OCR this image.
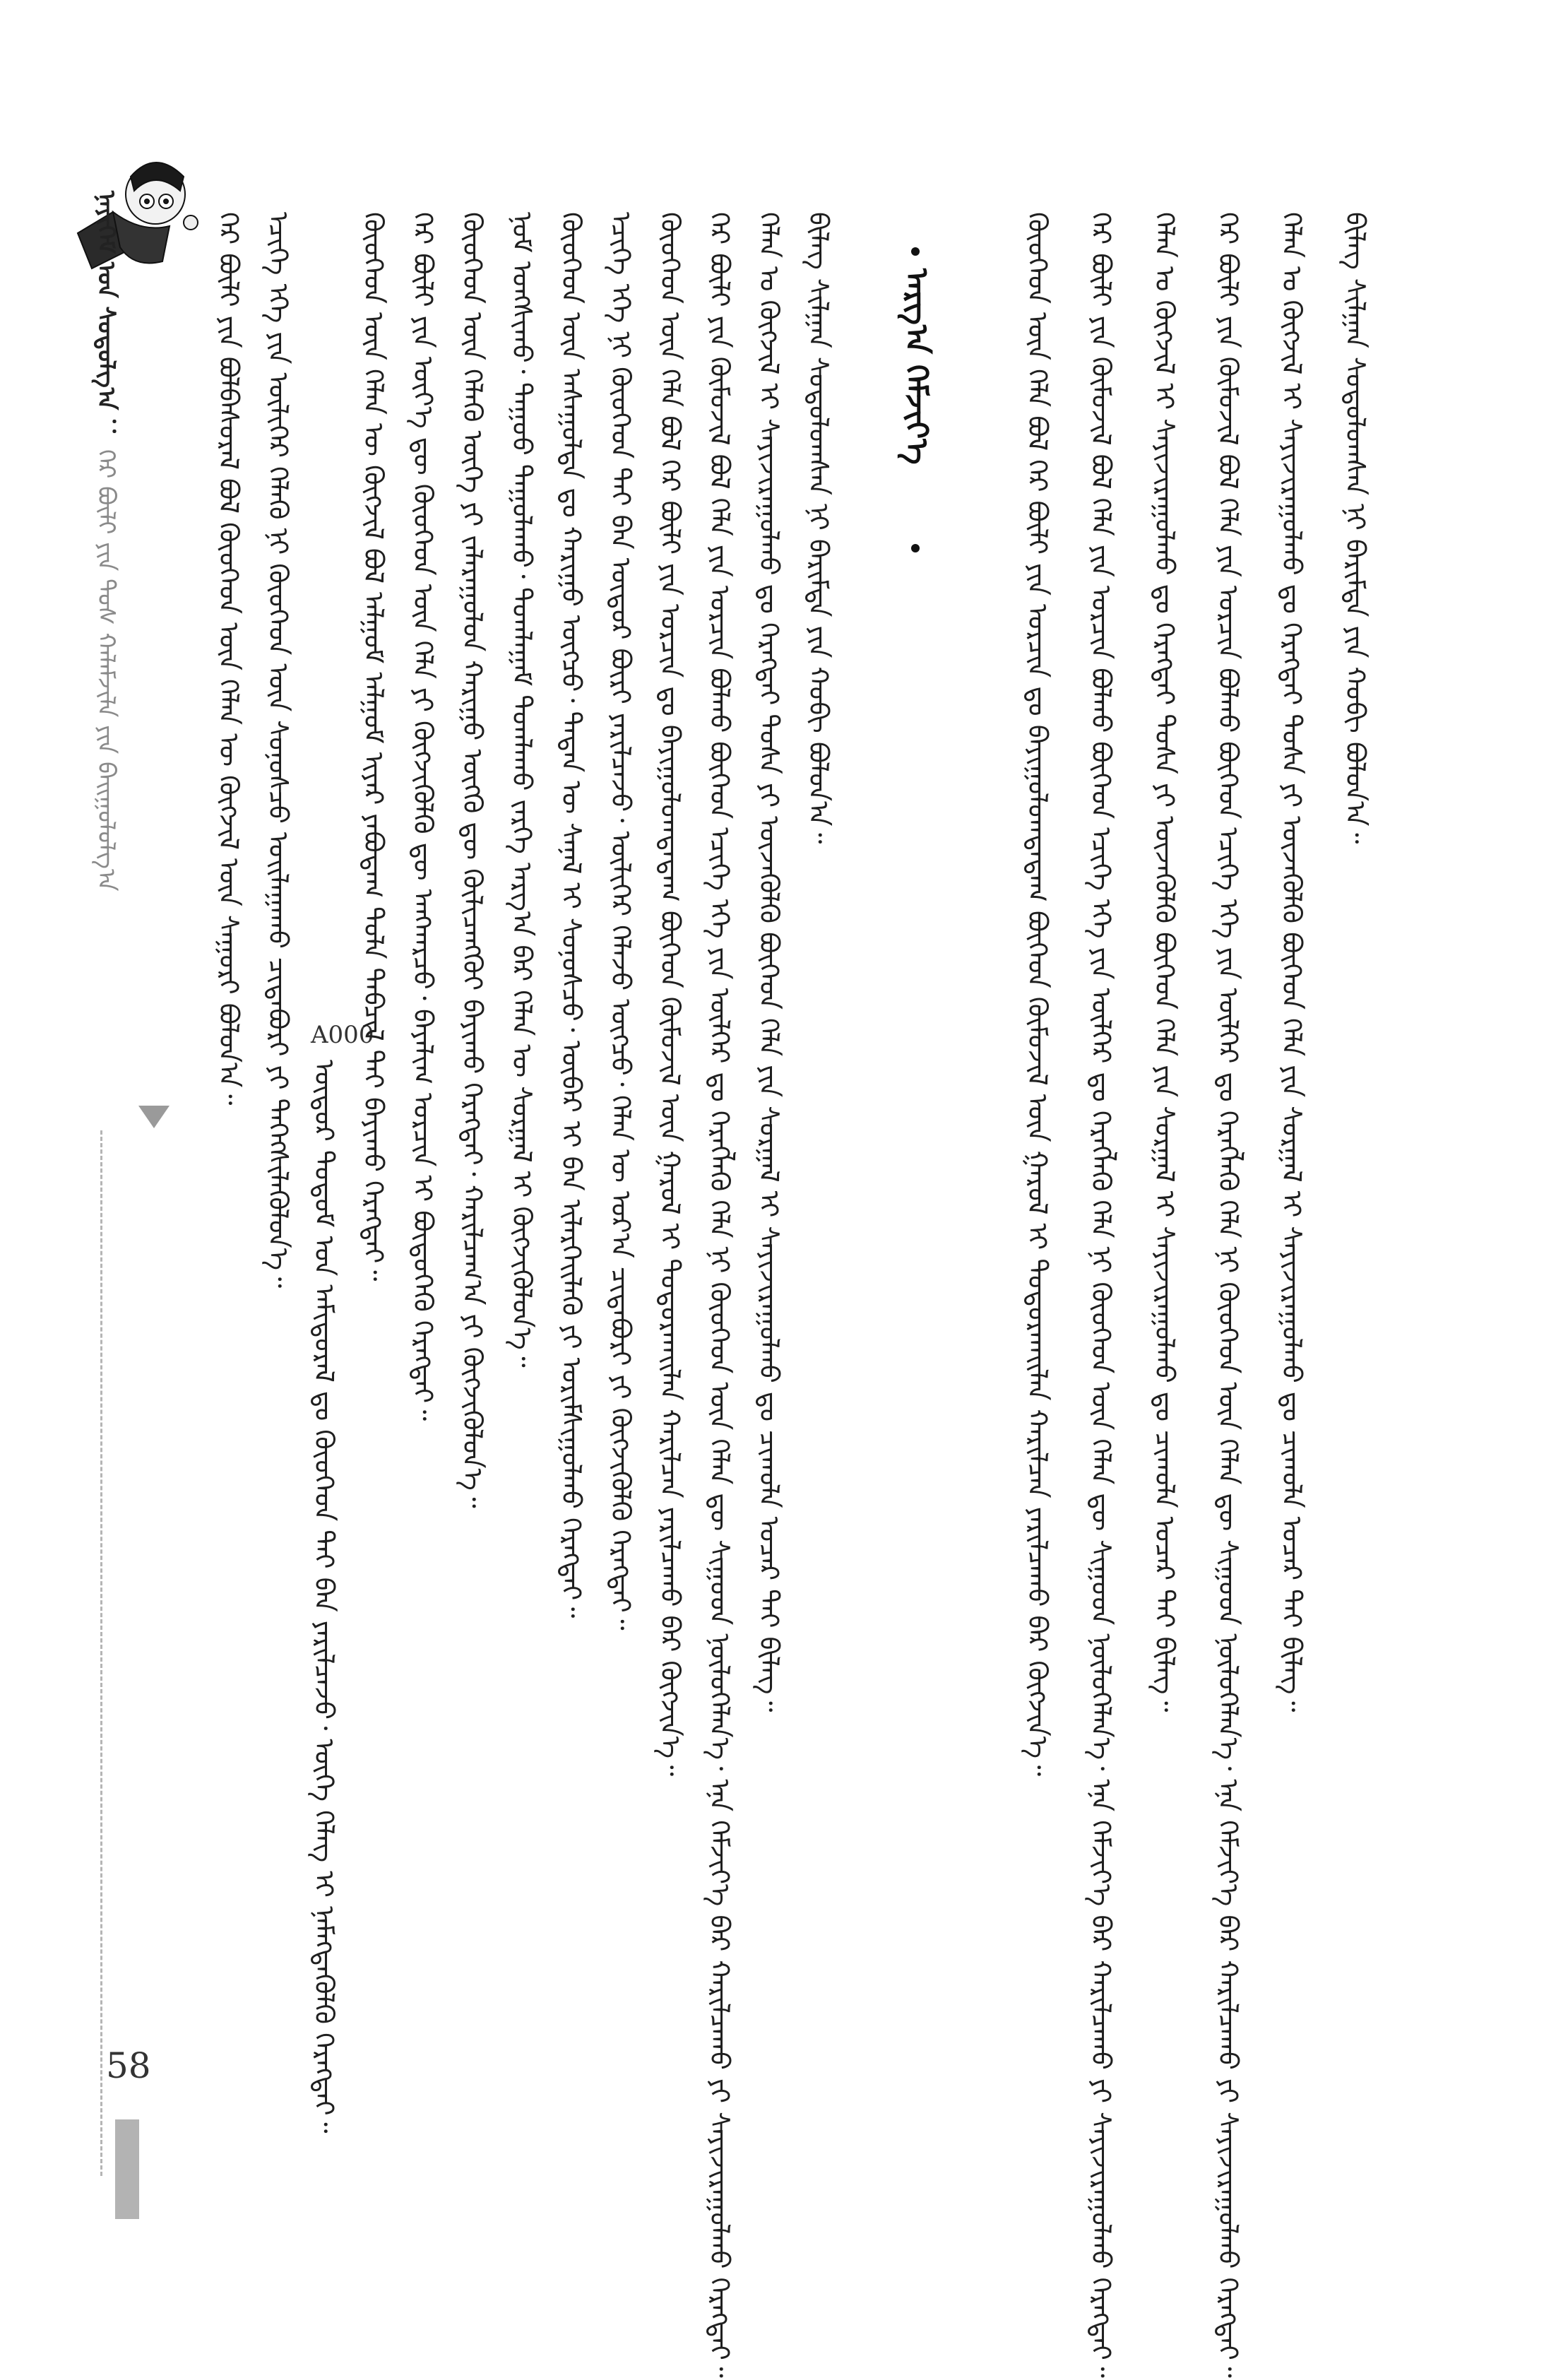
ᠨᠡᠶᠢᠭᠡᠮ ᠤᠨ ᠰᠤᠳᠤᠯᠭ᠎ᠠ ： ᠭᠡᠷ ᠪᠦᠯᠢ ᠶᠢᠨ ᠲᠤᠰ ᠬᠠᠯᠠᠮᠵᠢᠯᠠ ᠶᠢᠨ ᠪᠠᠢᠭᠤᠯᠤᠯᠭ᠎ᠠ	ᠭᠡᠷ ᠪᠦᠯᠢ ᠶᠢᠨ ᠪᠣᠯᠪᠠᠰᠤᠷᠠᠯ ᠪᠣᠯ ᠬᠦᠦᠬᠡᠳ ᠦᠨ ᠬᠡᠯᠡᠨ ᠦ ᠬᠥᠭᠵᠢᠯ ᠦᠨ ᠰᠠᠭᠤᠷᠢ ᠪᠣᠯᠤᠨ᠎ᠠ᠃ ᠡᠴᠢᠭᠡ ᠡᠬᠡ ᠶᠢᠨ ᠦᠯᠢᠭᠡᠷ ᠬᠡᠯᠡᠬᠦ ᠨᠢ ᠬᠦᠦᠬᠡᠳ ᠦᠨ ᠰᠣᠨᠣᠰᠴᠤ ᠣᠢᠯᠠᠭᠠᠬᠤ ᠴᠢᠳᠠᠪᠤᠷᠢ ᠶᠢ ᠳᠡᠭᠡᠭᠰᠢᠯᠡᠭᠦᠯᠦᠨ᠎ᠡ᠃
ᠥᠳᠦᠷ ᠲᠤᠲᠤᠮ ᠤᠨ ᠠᠮᠢᠳᠤᠷᠠᠯ ᠳᠤ ᠬᠦᠦᠬᠡᠳ ᠲᠡᠢ ᠪᠡᠨ ᠶᠠᠷᠢᠯᠴᠠᠵᠤ᠂ ᠦᠭᠡ ᠬᠡᠯᠡᠭ ᠢ ᠨᠡᠮᠡᠭᠳᠡᠭᠦᠯᠬᠦ ᠬᠡᠷᠡᠭᠲᠡᠢ᠃
A000
ᠬᠦᠦᠬᠡᠳ ᠦᠨ ᠬᠡᠯᠡᠨ ᠦ ᠬᠥᠭᠵᠢᠯ ᠪᠣᠯ ᠠᠯᠭᠤᠮ ᠠᠯᠭᠤᠮ ᠢᠶᠠᠷ ᠶᠠᠪᠤᠳᠠᠭ ᠲᠤᠯᠠ ᠲᠡᠪᠴᠢᠯ ᠲᠡᠢ ᠪᠠᠶᠢᠬᠤ ᠬᠡᠷᠡᠭᠲᠡᠢ᠃ ᠭᠡᠷ ᠪᠦᠯᠢ ᠶᠢᠨ ᠦᠶ᠎ᠡ ᠳᠦ ᠬᠦᠦᠬᠡᠳ ᠦᠨ ᠬᠡᠯᠡ ᠶᠢ ᠬᠥᠭᠵᠢᠭᠦᠯᠬᠦ ᠳᠦ ᠠᠩᠬᠠᠷᠴᠤ᠂ ᠪᠠᠶᠠᠯᠢᠭ ᠣᠷᠴᠢᠨ ᠢ ᠪᠦᠲᠦᠭᠡᠬᠦ ᠬᠡᠷᠡᠭᠲᠡᠢ᠃ ᠬᠦᠦᠬᠡᠳ ᠦᠨ ᠬᠡᠯᠡᠬᠦ ᠦᠭᠡ ᠶᠢ ᠵᠠᠯᠠᠷᠠᠭᠤᠯᠤᠨ ᠬᠠᠷᠢᠭᠤ ᠥᠭᠬᠦ ᠳᠦ ᠬᠦᠯᠢᠴᠡᠩᠭᠦᠢ ᠪᠠᠶᠢᠬᠤ ᠬᠡᠷᠡᠭᠲᠡᠢ᠂ ᠬᠠᠷᠢᠯᠴᠠᠭ᠎ᠠ ᠶᠢ ᠬᠥᠭᠵᠢᠭᠦᠯᠦᠨ᠎ᠡ᠃ ᠨᠣᠮ ᠤᠩᠰᠢᠬᠤ᠂ ᠳᠠᠭᠤᠤ ᠳᠠᠭᠤᠯᠠᠬᠤ᠂ ᠲᠣᠭᠯᠠᠭᠠᠮ ᠲᠣᠭᠯᠠᠬᠤ ᠵᠡᠷᠭᠡ ᠠᠷᠭ᠎ᠠ ᠪᠡᠷ ᠬᠡᠯᠡᠨ ᠦ ᠰᠤᠷᠭᠠᠯ ᠢ ᠬᠥᠭᠵᠢᠭᠦᠯᠦᠨ᠎ᠡ᠃ ᠬᠦᠦᠬᠡᠳ ᠦᠨ ᠠᠰᠠᠭᠤᠯᠲᠠ ᠳᠤ ᠬᠠᠷᠢᠭᠤ ᠥᠭᠴᠦ᠂ ᠲᠡᠳᠡᠨ ᠦ ᠰᠠᠨᠠᠯ ᠢ ᠰᠣᠨᠣᠰᠴᠤ᠂ ᠥᠪᠡᠷ ᠢ ᠪᠡᠨ ᠢᠯᠡᠷᠬᠡᠢᠯᠡᠬᠦ ᠶᠢ ᠤᠷᠢᠮᠰᠢᠭᠤᠯᠬᠤ ᠬᠡᠷᠡᠭᠲᠡᠢ᠃ ᠡᠴᠢᠭᠡ ᠡᠬᠡ ᠨᠢ ᠬᠦᠦᠬᠡᠳ ᠲᠡᠢ ᠪᠡᠨ ᠥᠳᠦᠷ ᠪᠦᠷᠢ ᠶᠠᠷᠢᠯᠴᠠᠵᠤ᠂ ᠦᠯᠢᠭᠡᠷ ᠬᠡᠯᠡᠵᠦ ᠥᠭᠴᠦ᠂ ᠬᠡᠯᠡᠨ ᠦ ᠤᠷ᠎ᠠ ᠴᠢᠳᠠᠪᠤᠷᠢ ᠶᠢ ᠬᠥᠭᠵᠢᠭᠦᠯᠬᠦ ᠬᠡᠷᠡᠭᠲᠡᠢ᠃ ᠬᠦᠦᠬᠡᠳ ᠦᠨ ᠬᠡᠯᠡ ᠪᠣᠯ ᠭᠡᠷ ᠪᠦᠯᠢ ᠶᠢᠨ ᠣᠷᠴᠢᠨ ᠳᠤ ᠪᠠᠶᠢᠭᠤᠯᠤᠭᠳᠠᠳᠠᠭ ᠪᠥᠭᠡᠳ ᠬᠦᠮᠦᠵᠢᠯ ᠦᠨ ᠭᠠᠷᠤᠯ ᠢ ᠲᠣᠳᠤᠷᠬᠠᠢᠯᠠᠨ ᠬᠠᠷᠢᠯᠴᠠᠨ ᠶᠠᠷᠢᠯᠴᠠᠬᠤ ᠪᠡᠷ ᠬᠥᠭᠵᠢᠨ᠎ᠡ᠃ ᠭᠡᠷ ᠪᠦᠯᠢ ᠶᠢᠨ ᠬᠦᠮᠦᠵᠢᠯ ᠪᠣᠯ ᠬᠡᠯᠡ ᠶᠢᠨ ᠣᠷᠴᠢᠨ ᠪᠣᠯᠬᠤ ᠪᠥᠭᠡᠳ ᠡᠴᠢᠭᠡ ᠡᠬᠡ ᠶᠢᠨ ᠦᠯᠭᠡᠷ ᠳᠤ ᠬᠡᠷᠡᠭᠯᠡᠬᠦ ᠬᠡᠯᠡ ᠨᠢ ᠬᠦᠦᠬᠡᠳ ᠦᠨ ᠬᠡᠯᠡᠨ ᠳᠦ ᠰᠢᠭᠤᠳ ᠨᠥᠯᠦᠭᠡᠯᠡᠨ᠎ᠡ᠂ ᠡᠨᠡ ᠬᠡᠮᠵᠢᠶ᠎ᠡ ᠪᠡᠷ ᠬᠠᠷᠢᠯᠴᠠᠬᠤ ᠶᠢ ᠰᠠᠶᠢᠵᠢᠷᠠᠭᠤᠯᠬᠤ ᠬᠡᠷᠡᠭᠲᠡᠢ᠃ ᠬᠡᠯᠡᠨ ᠤ ᠬᠥᠭᠵᠢᠯ ᠢ ᠰᠠᠶᠢᠵᠢᠷᠠᠭᠤᠯᠬᠤ ᠳᠤ ᠬᠡᠷᠡᠭᠲᠡᠢ ᠲᠤᠰᠠ ᠶᠢ ᠦᠵᠡᠭᠦᠯᠬᠦ ᠪᠥᠭᠡᠳ ᠬᠡᠯᠡ ᠶᠢᠨ ᠰᠤᠷᠭᠠᠯ ᠢ ᠰᠠᠶᠢᠵᠢᠷᠠᠭᠤᠯᠬᠤ ᠳᠤ ᠴᠢᠬᠤᠯᠠ ᠤᠴᠠᠷ ᠲᠠᠢ ᠪᠢᠯᠡᠭ᠃ ᠪᠢᠯᠡᠭ ᠰᠢᠯᠭᠠᠨ ᠰᠤᠳᠤᠯᠤᠭᠰᠠᠨ ᠨᠢ ᠪᠠᠷᠢᠮᠲᠠ ᠶᠢᠨ ᠬᠤᠪᠢ ᠪᠣᠯᠤᠨ᠎ᠠ᠃ ᠠᠷᠭ᠎ᠠ ᠬᠡᠮᠵᠢᠶ᠎ᠡ	ᠬᠦᠦᠬᠡᠳ ᠦᠨ ᠬᠡᠯᠡ ᠪᠣᠯ ᠭᠡᠷ ᠪᠦᠯᠢ ᠶᠢᠨ ᠣᠷᠴᠢᠨ ᠳᠤ ᠪᠠᠶᠢᠭᠤᠯᠤᠭᠳᠠᠳᠠᠭ ᠪᠥᠭᠡᠳ ᠬᠦᠮᠦᠵᠢᠯ ᠦᠨ ᠭᠠᠷᠤᠯ ᠢ ᠲᠣᠳᠤᠷᠬᠠᠢᠯᠠᠨ ᠬᠠᠷᠢᠯᠴᠠᠨ ᠶᠠᠷᠢᠯᠴᠠᠬᠤ ᠪᠡᠷ ᠬᠥᠭᠵᠢᠨ᠎ᠡ᠃ ᠭᠡᠷ ᠪᠦᠯᠢ ᠶᠢᠨ ᠬᠦᠮᠦᠵᠢᠯ ᠪᠣᠯ ᠬᠡᠯᠡ ᠶᠢᠨ ᠣᠷᠴᠢᠨ ᠪᠣᠯᠬᠤ ᠪᠥᠭᠡᠳ ᠡᠴᠢᠭᠡ ᠡᠬᠡ ᠶᠢᠨ ᠦᠯᠭᠡᠷ ᠳᠤ ᠬᠡᠷᠡᠭᠯᠡᠬᠦ ᠬᠡᠯᠡ ᠨᠢ ᠬᠦᠦᠬᠡᠳ ᠦᠨ ᠬᠡᠯᠡᠨ ᠳᠦ ᠰᠢᠭᠤᠳ ᠨᠥᠯᠦᠭᠡᠯᠡᠨ᠎ᠡ᠂ ᠡᠨᠡ ᠬᠡᠮᠵᠢᠶ᠎ᠡ ᠪᠡᠷ ᠬᠠᠷᠢᠯᠴᠠᠬᠤ ᠶᠢ ᠰᠠᠶᠢᠵᠢᠷᠠᠭᠤᠯᠬᠤ ᠬᠡᠷᠡᠭᠲᠡᠢ᠃ ᠬᠡᠯᠡᠨ ᠤ ᠬᠥᠭᠵᠢᠯ ᠢ ᠰᠠᠶᠢᠵᠢᠷᠠᠭᠤᠯᠬᠤ ᠳᠤ ᠬᠡᠷᠡᠭᠲᠡᠢ ᠲᠤᠰᠠ ᠶᠢ ᠦᠵᠡᠭᠦᠯᠬᠦ ᠪᠥᠭᠡᠳ ᠬᠡᠯᠡ ᠶᠢᠨ ᠰᠤᠷᠭᠠᠯ ᠢ ᠰᠠᠶᠢᠵᠢᠷᠠᠭᠤᠯᠬᠤ ᠳᠤ ᠴᠢᠬᠤᠯᠠ ᠤᠴᠠᠷ ᠲᠠᠢ ᠪᠢᠯᠡᠭ᠃ ᠭᠡᠷ ᠪᠦᠯᠢ ᠶᠢᠨ ᠬᠦᠮᠦᠵᠢᠯ ᠪᠣᠯ ᠬᠡᠯᠡ ᠶᠢᠨ ᠣᠷᠴᠢᠨ ᠪᠣᠯᠬᠤ ᠪᠥᠭᠡᠳ ᠡᠴᠢᠭᠡ ᠡᠬᠡ ᠶᠢᠨ ᠦᠯᠭᠡᠷ ᠳᠤ ᠬᠡᠷᠡᠭᠯᠡᠬᠦ ᠬᠡᠯᠡ ᠨᠢ ᠬᠦᠦᠬᠡᠳ ᠦᠨ ᠬᠡᠯᠡᠨ ᠳᠦ ᠰᠢᠭᠤᠳ ᠨᠥᠯᠦᠭᠡᠯᠡᠨ᠎ᠡ᠂ ᠡᠨᠡ ᠬᠡᠮᠵᠢᠶ᠎ᠡ ᠪᠡᠷ ᠬᠠᠷᠢᠯᠴᠠᠬᠤ ᠶᠢ ᠰᠠᠶᠢᠵᠢᠷᠠᠭᠤᠯᠬᠤ ᠬᠡᠷᠡᠭᠲᠡᠢ᠃ ᠬᠡᠯᠡᠨ ᠤ ᠬᠥᠭᠵᠢᠯ ᠢ ᠰᠠᠶᠢᠵᠢᠷᠠᠭᠤᠯᠬᠤ ᠳᠤ ᠬᠡᠷᠡᠭᠲᠡᠢ ᠲᠤᠰᠠ ᠶᠢ ᠦᠵᠡᠭᠦᠯᠬᠦ ᠪᠥᠭᠡᠳ ᠬᠡᠯᠡ ᠶᠢᠨ ᠰᠤᠷᠭᠠᠯ ᠢ ᠰᠠᠶᠢᠵᠢᠷᠠᠭᠤᠯᠬᠤ ᠳᠤ ᠴᠢᠬᠤᠯᠠ ᠤᠴᠠᠷ ᠲᠠᠢ ᠪᠢᠯᠡᠭ᠃ ᠪᠢᠯᠡᠭ ᠰᠢᠯᠭᠠᠨ ᠰᠤᠳᠤᠯᠤᠭᠰᠠᠨ ᠨᠢ ᠪᠠᠷᠢᠮᠲᠠ ᠶᠢᠨ ᠬᠤᠪᠢ ᠪᠣᠯᠤᠨ᠎ᠠ᠃
58
